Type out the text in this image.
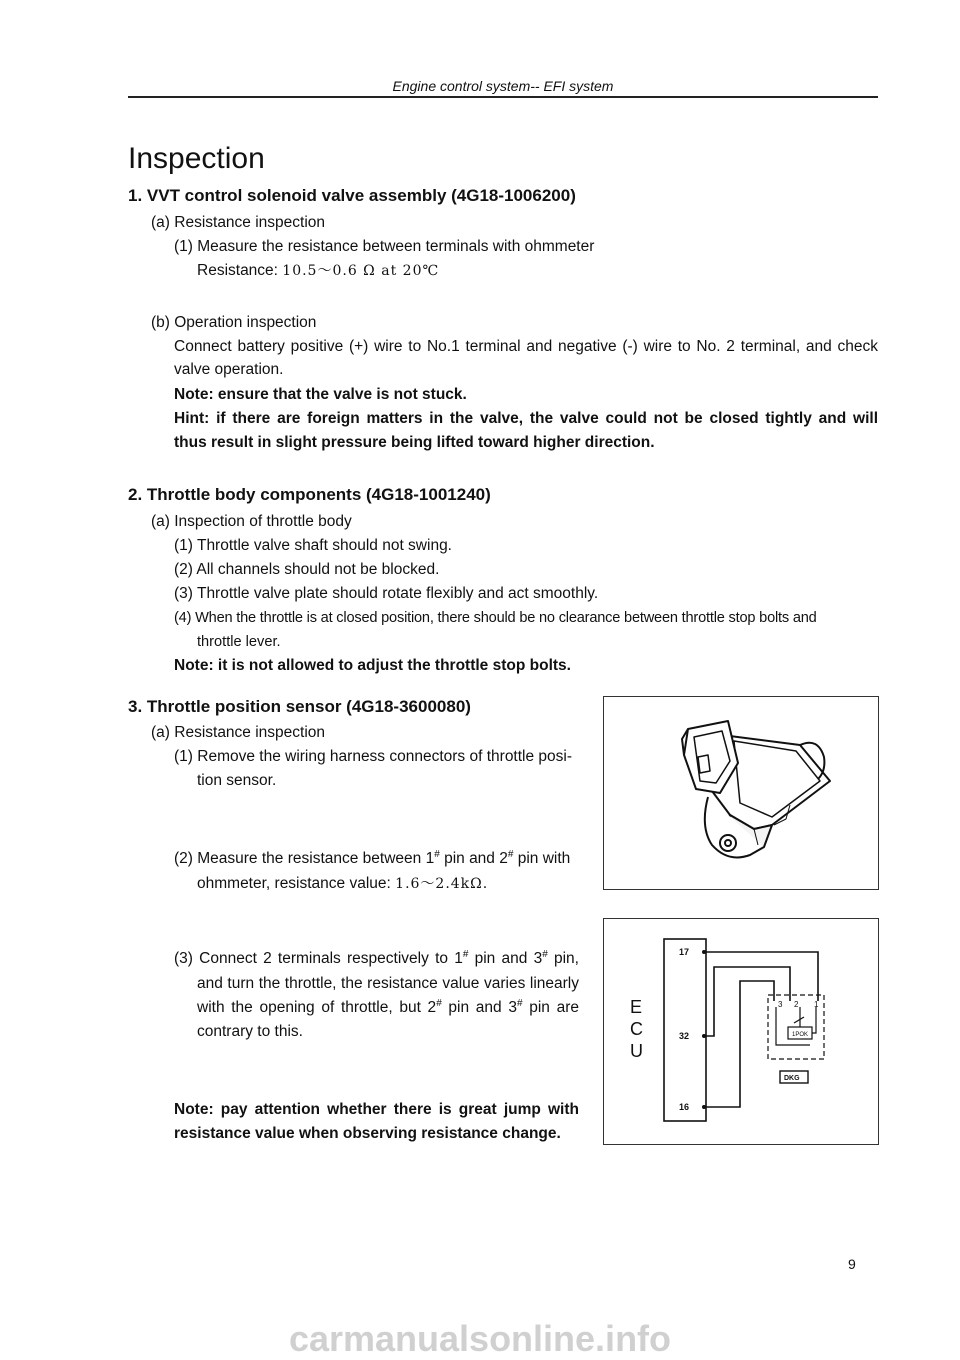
Engine control system-- EFI system
Inspection
1. VVT control solenoid valve assembly (4G18-1006200)
(a) Resistance inspection
(1) Measure the resistance between terminals with ohmmeter
Resistance: 10.5～0.6 Ω at 20℃
(b) Operation inspection
Connect battery positive (+) wire to No.1 terminal and negative (-) wire to No. 2 terminal, and check
valve operation.
Note: ensure that the valve is not stuck.
Hint: if there are foreign matters in the valve, the valve could not be closed tightly and will
thus result in slight pressure being lifted toward higher direction.
2. Throttle body components (4G18-1001240)
(a) Inspection of throttle body
(1) Throttle valve shaft should not swing.
(2) All channels should not be blocked.
(3) Throttle valve plate should rotate flexibly and act smoothly.
(4) When the throttle is at closed position, there should be no clearance between throttle stop bolts and
throttle lever.
Note: it is not allowed to adjust the throttle stop bolts.
3. Throttle position sensor (4G18-3600080)
(a) Resistance inspection
(1) Remove the wiring harness connectors of throttle posi-
tion sensor.
(2) Measure the resistance between 1# pin and 2# pin with
ohmmeter, resistance value: 1.6～2.4kΩ.
(3) Connect 2 terminals respectively to 1# pin and 3# pin,
and turn the throttle, the resistance value varies linearly
with the opening of throttle, but 2# pin and 3# pin are
contrary to this.
Note: pay attention whether there is great jump with
resistance value when observing resistance change.
E
C
U
17
32
16
3 2 1
1POK
DKG
9
carmanualsonline.info
